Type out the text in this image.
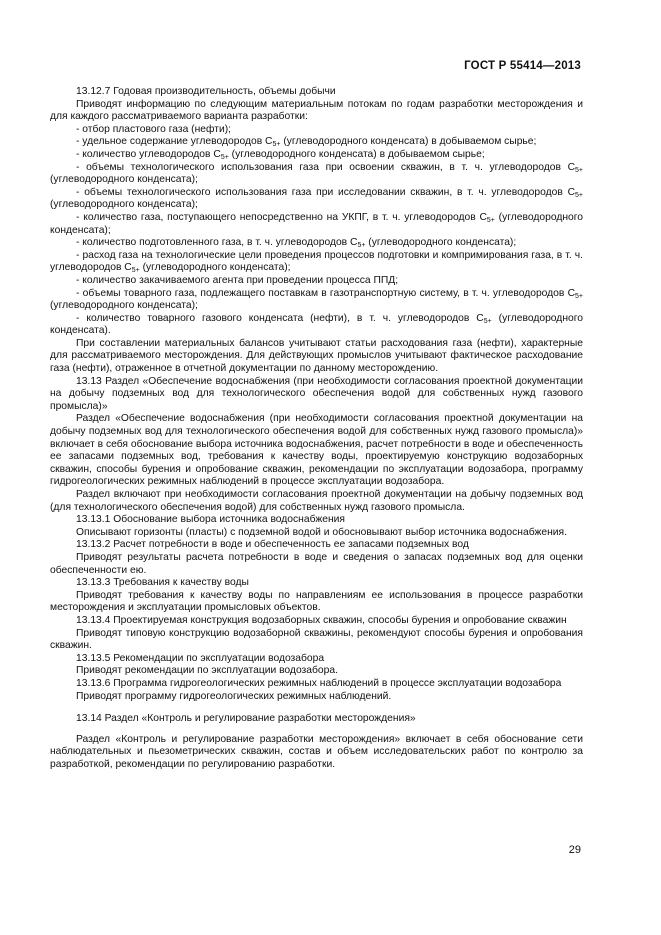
ГОСТ Р 55414—2013

13.12.7 Годовая производительность, объемы добычи

Приводят информацию по следующим материальным потокам по годам разработки месторождения и для каждого рассматриваемого варианта разработки:

- отбор пластового газа (нефти);

- удельное содержание углеводородов $С_{5+}$ (углеводородного конденсата) в добываемом сырье;

- количество углеводородов $С_{5+}$ (углеводородного конденсата) в добываемом сырье;

- объемы технологического использования газа при освоении скважин, в т. ч. углеводородов $С_{5+}$ (углеводородного конденсата);

- объемы технологического использования газа при исследовании скважин, в т. ч. углеводородов $С_{5+}$ (углеводородного конденсата);

- количество газа, поступающего непосредственно на УКПГ, в т. ч. углеводородов $С_{5+}$ (углеводородного конденсата);

- количество подготовленного газа, в т. ч. углеводородов $С_{5+}$ (углеводородного конденсата);

- расход газа на технологические цели проведения процессов подготовки и компримирования газа, в т. ч. углеводородов $С_{5+}$ (углеводородного конденсата);

- количество закачиваемого агента при проведении процесса ППД;

- объемы товарного газа, подлежащего поставкам в газотранспортную систему, в т. ч. углеводородов $С_{5+}$ (углеводородного конденсата);

- количество товарного газового конденсата (нефти), в т. ч. углеводородов $С_{5+}$ (углеводородного конденсата).

При составлении материальных балансов учитывают статьи расходования газа (нефти), характерные для рассматриваемого месторождения. Для действующих промыслов учитывают фактическое расходование газа (нефти), отраженное в отчетной документации по данному месторождению.

13.13 Раздел «Обеспечение водоснабжения (при необходимости согласования проектной документации на добычу подземных вод для технологического обеспечения водой для собственных нужд газового промысла)»

Раздел «Обеспечение водоснабжения (при необходимости согласования проектной документации на добычу подземных вод для технологического обеспечения водой для собственных нужд газового промысла)» включает в себя обоснование выбора источника водоснабжения, расчет потребности в воде и обеспеченность ее запасами подземных вод, требования к качеству воды, проектируемую конструкцию водозаборных скважин, способы бурения и опробование скважин, рекомендации по эксплуатации водозабора, программу гидрогеологических режимных наблюдений в процессе эксплуатации водозабора.

Раздел включают при необходимости согласования проектной документации на добычу подземных вод (для технологического обеспечения водой) для собственных нужд газового промысла.

13.13.1 Обоснование выбора источника водоснабжения

Описывают горизонты (пласты) с подземной водой и обосновывают выбор источника водоснабжения.

13.13.2 Расчет потребности в воде и обеспеченность ее запасами подземных вод

Приводят результаты расчета потребности в воде и сведения о запасах подземных вод для оценки обеспеченности ею.

13.13.3 Требования к качеству воды

Приводят требования к качеству воды по направлениям ее использования в процессе разработки месторождения и эксплуатации промысловых объектов.

13.13.4 Проектируемая конструкция водозаборных скважин, способы бурения и опробование скважин

Приводят типовую конструкцию водозаборной скважины, рекомендуют способы бурения и опробования скважин.

13.13.5 Рекомендации по эксплуатации водозабора

Приводят рекомендации по эксплуатации водозабора.

13.13.6 Программа гидрогеологических режимных наблюдений в процессе эксплуатации водозабора

Приводят программу гидрогеологических режимных наблюдений.

13.14 Раздел «Контроль и регулирование разработки месторождения»

Раздел «Контроль и регулирование разработки месторождения» включает в себя обоснование сети наблюдательных и пьезометрических скважин, состав и объем исследовательских работ по контролю за разработкой, рекомендации по регулированию разработки.

29
